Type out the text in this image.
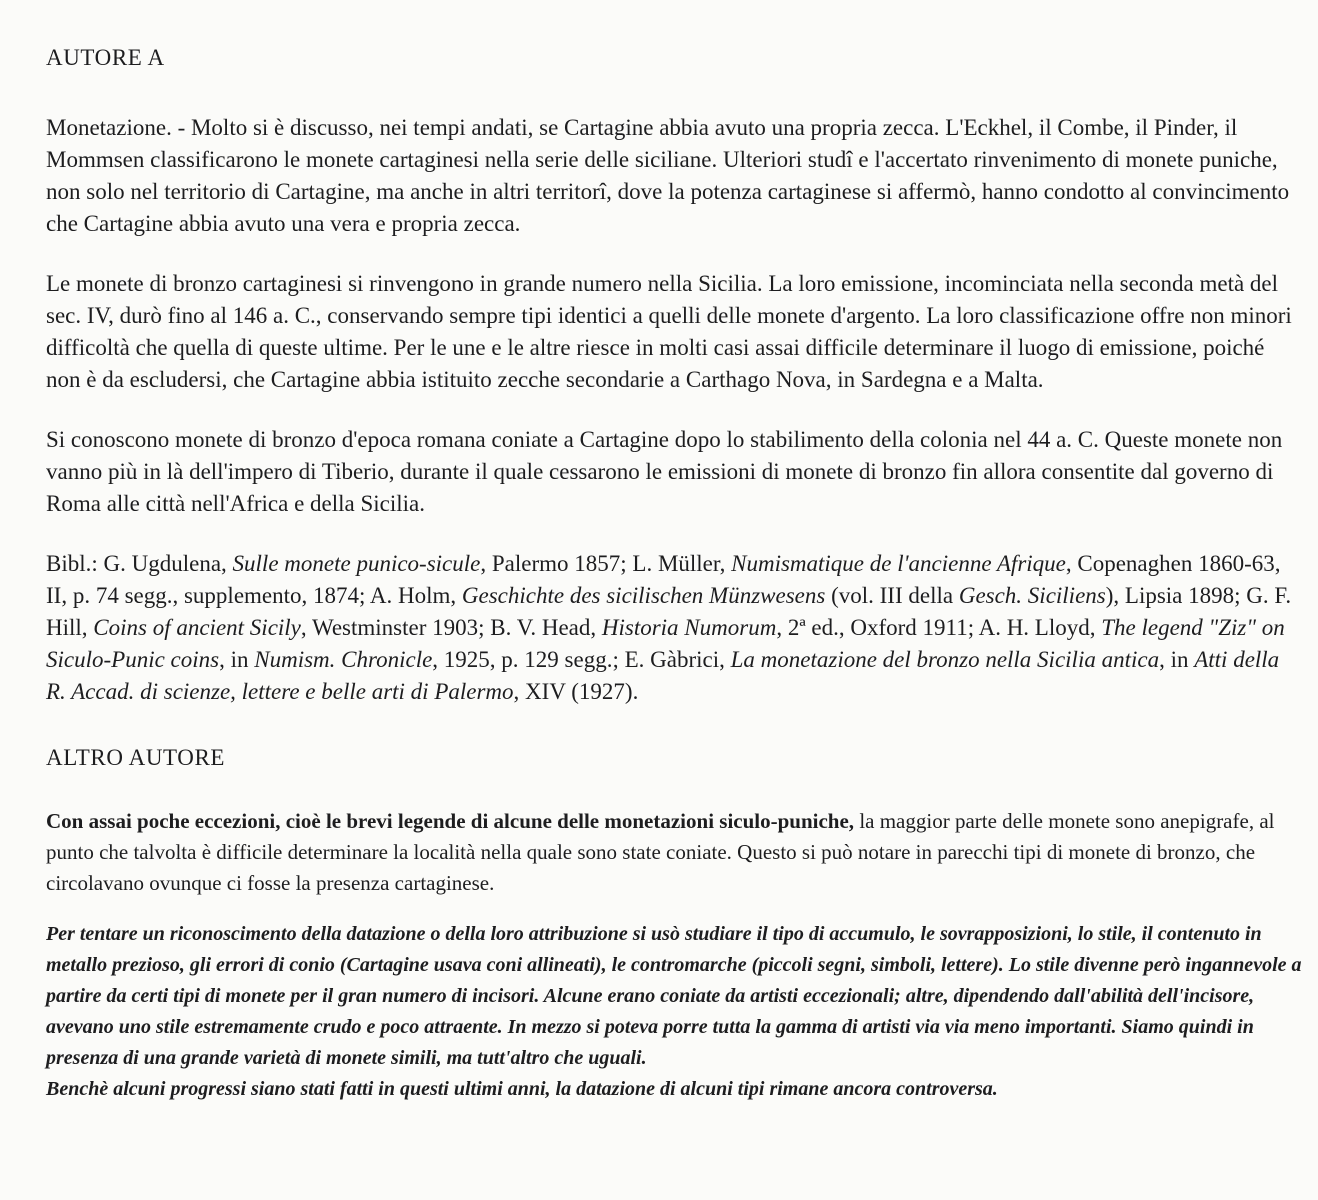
AUTORE A

Monetazione. - Molto si è discusso, nei tempi andati, se Cartagine abbia avuto una propria zecca. L'Eckhel, il Combe, il Pinder, il Mommsen classificarono le monete cartaginesi nella serie delle siciliane. Ulteriori studî e l'accertato rinvenimento di monete puniche, non solo nel territorio di Cartagine, ma anche in altri territorî, dove la potenza cartaginese si affermò, hanno condotto al convincimento che Cartagine abbia avuto una vera e propria zecca.

Le monete di bronzo cartaginesi si rinvengono in grande numero nella Sicilia. La loro emissione, incominciata nella seconda metà del sec. IV, durò fino al 146 a. C., conservando sempre tipi identici a quelli delle monete d'argento. La loro classificazione offre non minori difficoltà che quella di queste ultime. Per le une e le altre riesce in molti casi assai difficile determinare il luogo di emissione, poiché non è da escludersi, che Cartagine abbia istituito zecche secondarie a Carthago Nova, in Sardegna e a Malta.

Si conoscono monete di bronzo d'epoca romana coniate a Cartagine dopo lo stabilimento della colonia nel 44 a. C. Queste monete non vanno più in là dell'impero di Tiberio, durante il quale cessarono le emissioni di monete di bronzo fin allora consentite dal governo di Roma alle città nell'Africa e della Sicilia.

Bibl.: G. Ugdulena, Sulle monete punico-sicule, Palermo 1857; L. Müller, Numismatique de l'ancienne Afrique, Copenaghen 1860-63, II, p. 74 segg., supplemento, 1874; A. Holm, Geschichte des sicilischen Münzwesens (vol. III della Gesch. Siciliens), Lipsia 1898; G. F. Hill, Coins of ancient Sicily, Westminster 1903; B. V. Head, Historia Numorum, 2ª ed., Oxford 1911; A. H. Lloyd, The legend "Ziz" on Siculo-Punic coins, in Numism. Chronicle, 1925, p. 129 segg.; E. Gàbrici, La monetazione del bronzo nella Sicilia antica, in Atti della R. Accad. di scienze, lettere e belle arti di Palermo, XIV (1927).

ALTRO AUTORE

Con assai poche eccezioni, cioè le brevi legende di alcune delle monetazioni siculo-puniche, la maggior parte delle monete sono anepigrafe, al punto che talvolta è difficile determinare la località nella quale sono state coniate. Questo si può notare in parecchi tipi di monete di bronzo, che circolavano ovunque ci fosse la presenza cartaginese.

Per tentare un riconoscimento della datazione o della loro attribuzione si usò studiare il tipo di accumulo, le sovrapposizioni, lo stile, il contenuto in metallo prezioso, gli errori di conio (Cartagine usava coni allineati), le contromarche (piccoli segni, simboli, lettere). Lo stile divenne però ingannevole a partire da certi tipi di monete per il gran numero di incisori. Alcune erano coniate da artisti eccezionali; altre, dipendendo dall'abilità dell'incisore, avevano uno stile estremamente crudo e poco attraente. In mezzo si poteva porre tutta la gamma di artisti via via meno importanti. Siamo quindi in presenza di una grande varietà di monete simili, ma tutt'altro che uguali.

Benchè alcuni progressi siano stati fatti in questi ultimi anni, la datazione di alcuni tipi rimane ancora controversa.
